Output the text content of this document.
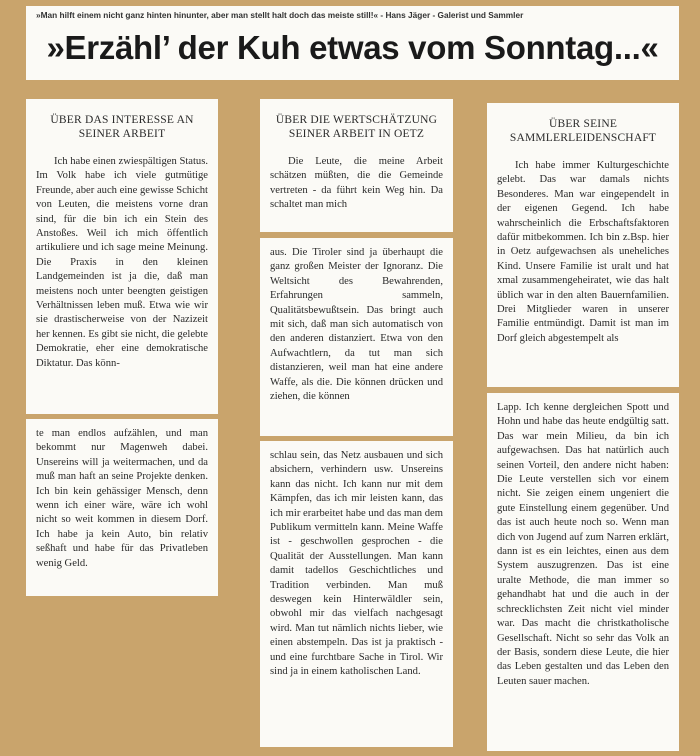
»Man hilft einem nicht ganz hinten hinunter, aber man stellt halt doch das meiste still!« - Hans Jäger - Galerist und Sammler
»Erzähl’ der Kuh etwas vom Sonntag...«
ÜBER DAS INTERESSE AN SEINER ARBEIT

Ich habe einen zwiespältigen Status. Im Volk habe ich viele gutmütige Freunde, aber auch eine gewisse Schicht von Leuten, die meistens vorne dran sind, für die bin ich ein Stein des Anstoßes. Weil ich mich öffentlich artikuliere und ich sage meine Meinung. Die Praxis in den kleinen Landgemeinden ist ja die, daß man meistens noch unter beengten geistigen Verhältnissen leben muß. Etwa wie wir sie drastischerweise von der Nazizeit her kennen. Es gibt sie nicht, die gelebte Demokratie, eher eine demokratische Diktatur. Das könn-

te man endlos aufzählen, und man bekommt nur Magenweh dabei. Unsereins will ja weitermachen, und da muß man haft an seine Projekte denken. Ich bin kein gehässiger Mensch, denn wenn ich einer wäre, wäre ich wohl nicht so weit kommen in diesem Dorf. Ich habe ja kein Auto, bin relativ seßhaft und habe für das Privatleben wenig Geld.

ÜBER DIE WERTSCHÄTZUNG SEINER ARBEIT IN OETZ

Die Leute, die meine Arbeit schätzen müßten, die die Gemeinde vertreten - da führt kein Weg hin. Da schaltet man mich

aus. Die Tiroler sind ja überhaupt die ganz großen Meister der Ignoranz. Die Weltsicht des Bewahrenden, Erfahrungen sammeln, Qualitätsbewußtsein. Das bringt auch mit sich, daß man sich automatisch von den anderen distanziert. Etwa von den Aufwachtlern, da tut man sich distanzieren, weil man hat eine andere Waffe, als die. Die können drücken und ziehen, die können

schlau sein, das Netz ausbauen und sich absichern, verhindern usw. Unsereins kann das nicht. Ich kann nur mit dem Kämpfen, das ich mir leisten kann, das ich mir erarbeitet habe und das man dem Publikum vermitteln kann. Meine Waffe ist - geschwollen gesprochen - die Qualität der Ausstellungen. Man kann damit tadellos Geschichtliches und Tradition verbinden. Man muß deswegen kein Hinterwäldler sein, obwohl mir das vielfach nachgesagt wird. Man tut nämlich nichts lieber, wie einen abstempeln. Das ist ja praktisch - und eine furchtbare Sache in Tirol. Wir sind ja in einem katholischen Land.

ÜBER SEINE SAMMLERLEIDENSCHAFT

Ich habe immer Kulturgeschichte gelebt. Das war damals nichts Besonderes. Man war eingependelt in der eigenen Gegend. Ich habe wahrscheinlich die Erbschaftsfaktoren dafür mitbekommen. Ich bin z.Bsp. hier in Oetz aufgewachsen als uneheliches Kind. Unsere Familie ist uralt und hat xmal zusammengeheiratet, wie das halt üblich war in den alten Bauernfamilien. Drei Mitglieder waren in unserer Familie entmündigt. Damit ist man im Dorf gleich abgestempelt als

Lapp. Ich kenne dergleichen Spott und Hohn und habe das heute endgültig satt. Das war mein Milieu, da bin ich aufgewachsen. Das hat natürlich auch seinen Vorteil, den andere nicht haben: Die Leute verstellen sich vor einem nicht. Sie zeigen einem ungeniert die gute Einstellung einem gegenüber. Und das ist auch heute noch so. Wenn man dich von Jugend auf zum Narren erklärt, dann ist es ein leichtes, einen aus dem System auszugrenzen. Das ist eine uralte Methode, die man immer so gehandhabt hat und die auch in der schrecklichsten Zeit nicht viel minder war. Das macht die christkatholische Gesellschaft. Nicht so sehr das Volk an der Basis, sondern diese Leute, die hier das Leben gestalten und das Leben den Leuten sauer machen.
